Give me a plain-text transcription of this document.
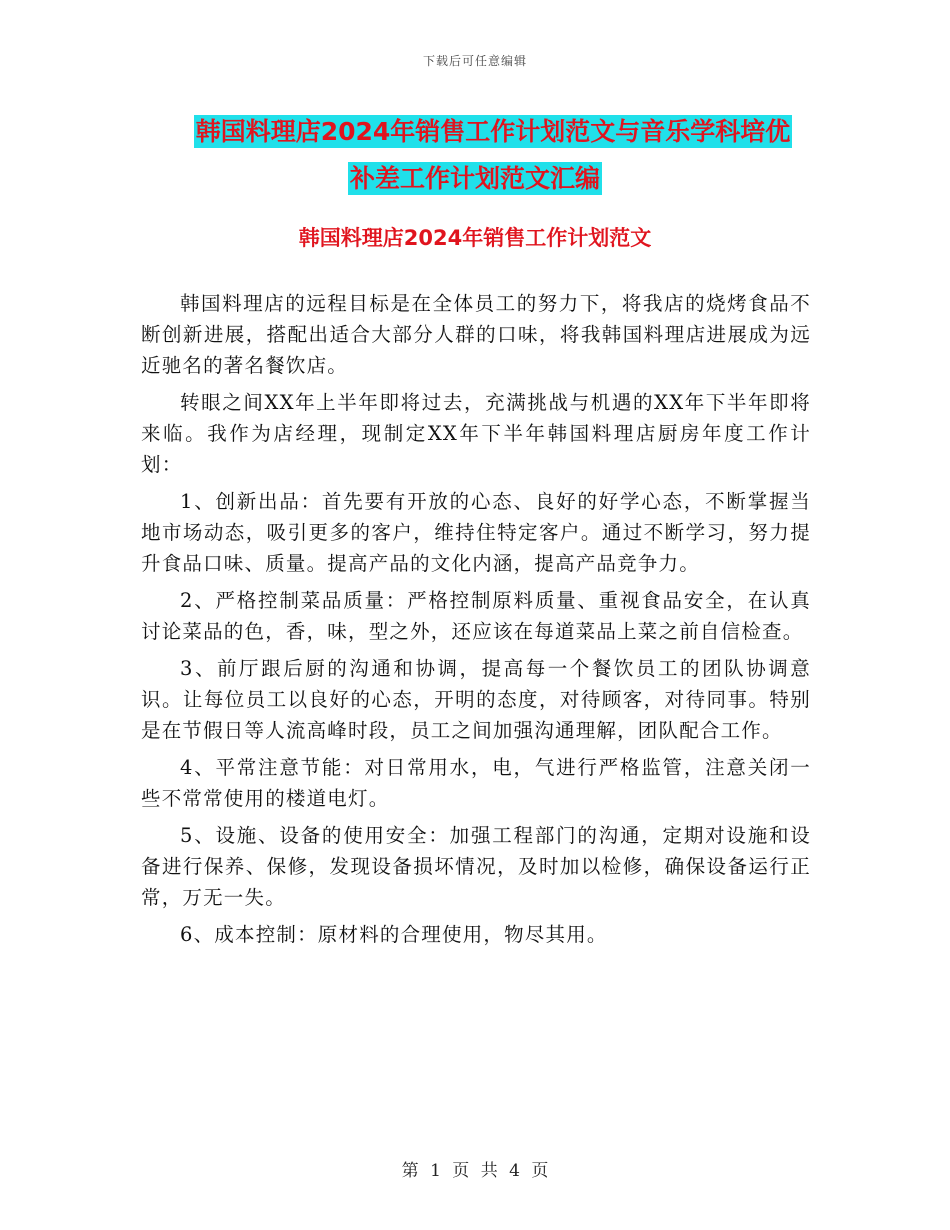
下载后可任意编辑
韩国料理店2024年销售工作计划范文与音乐学科培优
补差工作计划范文汇编
韩国料理店2024年销售工作计划范文

韩国料理店的远程目标是在全体员工的努力下，将我店的烧烤食品不断创新进展，搭配出适合大部分人群的口味，将我韩国料理店进展成为远近驰名的著名餐饮店。

转眼之间XX年上半年即将过去，充满挑战与机遇的XX年下半年即将来临。我作为店经理，现制定XX年下半年韩国料理店厨房年度工作计划：

1、创新出品：首先要有开放的心态、良好的好学心态，不断掌握当地市场动态，吸引更多的客户，维持住特定客户。通过不断学习，努力提升食品口味、质量。提高产品的文化内涵，提高产品竞争力。

2、严格控制菜品质量：严格控制原料质量、重视食品安全，在认真讨论菜品的色，香，味，型之外，还应该在每道菜品上菜之前自信检查。

3、前厅跟后厨的沟通和协调，提高每一个餐饮员工的团队协调意识。让每位员工以良好的心态，开明的态度，对待顾客，对待同事。特别是在节假日等人流高峰时段，员工之间加强沟通理解，团队配合工作。

4、平常注意节能：对日常用水，电，气进行严格监管，注意关闭一些不常常使用的楼道电灯。

5、设施、设备的使用安全：加强工程部门的沟通，定期对设施和设备进行保养、保修，发现设备损坏情况，及时加以检修，确保设备运行正常，万无一失。

6、成本控制：原材料的合理使用，物尽其用。

第 1 页 共 4 页
